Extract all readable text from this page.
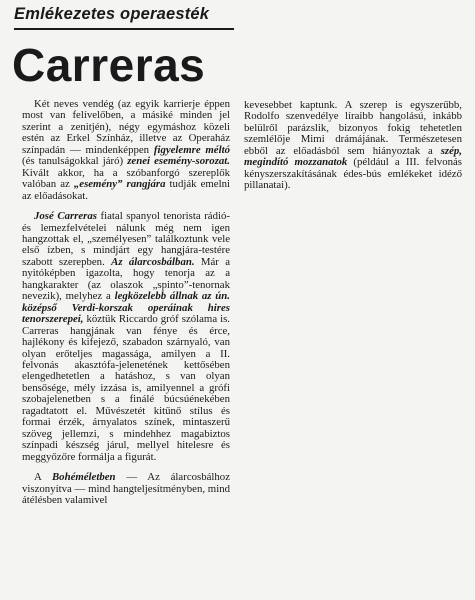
Emlékezetes operaesték
Carreras

Két neves vendég (az egyik karrierje éppen most van felívelőben, a másiké minden jel szerint a zenitjén), négy egymáshoz közeli estén az Erkel Színház, illetve az Operaház színpadán — mindenképpen figyelemre méltó (és tanulságokkal járó) zenei esemény-sorozat. Kivált akkor, ha a szóbanforgó szereplők valóban az „esemény” rangjára tudják emelni az előadásokat.

José Carreras fiatal spanyol tenorista rádió- és lemezfelvételei nálunk még nem igen hangzottak el, „személyesen” találkoztunk vele első ízben, s mindjárt egy hangjára-testére szabott szerepben. Az álarcosbálban. Már a nyitóképben igazolta, hogy tenorja az a hangkarakter (az olaszok „spinto”-tenornak nevezik), melyhez a legközelebb állnak az ún. középső Verdi-korszak operáinak hires tenorszerepei, köztük Riccardo gróf szólama is. Carreras hangjának van fénye és érce, hajlékony és kifejező, szabadon szárnyaló, van olyan erőteljes magassága, amilyen a II. felvonás akasztófa-jelenetének kettősében elengedhetetlen a hatáshoz, s van olyan bensősége, mély izzása is, amilyennel a grófi szobajelenetben s a finálé búcsúénekében ragadtatott el. Művészetét kitűnő stílus és formai érzék, árnyalatos színek, mintaszerű szöveg jellemzi, s mindehhez magabiztos színpadi készség járul, mellyel hitelesre és meggyőzőre formálja a figurát.

A Bohéméletben — Az álarcosbálhoz viszonyítva — mind hangteljesítményben, mind átélésben valamivel

kevesebbet kaptunk. A szerep is egyszerűbb, Rodolfo szenvedélye líraibb hangolású, inkább belülről parázslik, bizonyos fokig tehetetlen szemlélője Mimi drámájának. Természetesen ebből az előadásból sem hiányoztak a szép, megindító mozzanatok (például a III. felvonás kényszerszakításának édes-bús emlékeket idéző pillanatai).
